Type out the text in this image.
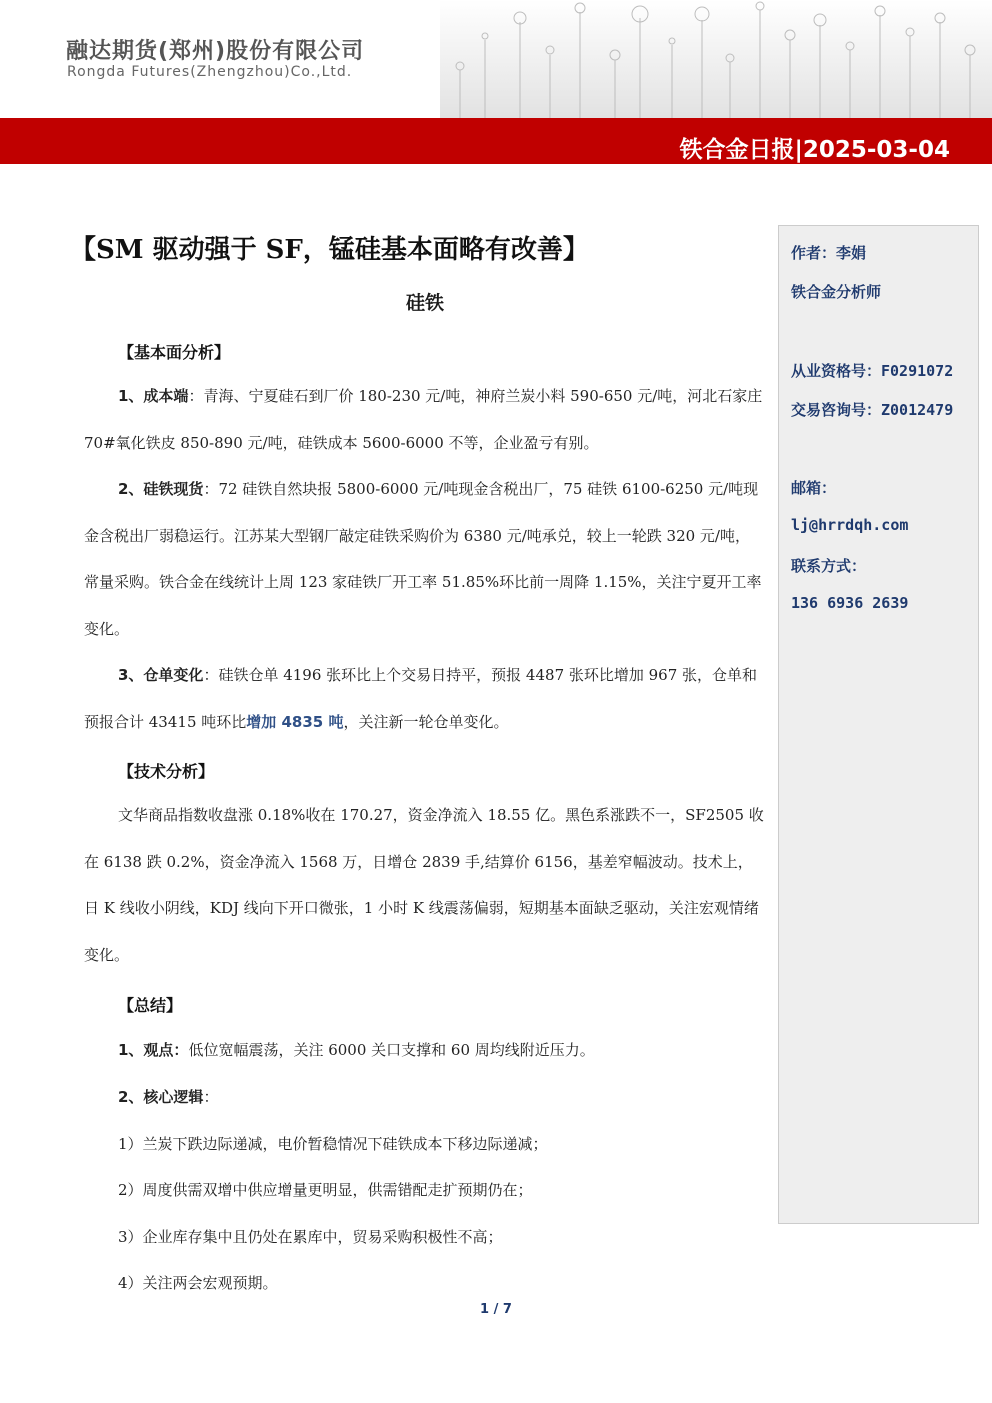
融达期货(郑州)股份有限公司
Rongda Futures(Zhengzhou)Co.,Ltd.
铁合金日报|2025-03-04
作者：李娟
铁合金分析师
从业资格号：F0291072
交易咨询号：Z0012479
邮箱：
lj@hrrdqh.com
联系方式：
136 6936 2639
【SM 驱动强于 SF，锰硅基本面略有改善】
硅铁
【基本面分析】
1、成本端：青海、宁夏硅石到厂价 180-230 元/吨，神府兰炭小料 590-650 元/吨，河北石家庄 70#氧化铁皮 850-890 元/吨，硅铁成本 5600-6000 不等，企业盈亏有别。
2、硅铁现货：72 硅铁自然块报 5800-6000 元/吨现金含税出厂，75 硅铁 6100-6250 元/吨现金含税出厂弱稳运行。江苏某大型钢厂敲定硅铁采购价为 6380 元/吨承兑，较上一轮跌 320 元/吨，常量采购。铁合金在线统计上周 123 家硅铁厂开工率 51.85%环比前一周降 1.15%，关注宁夏开工率变化。
3、仓单变化：硅铁仓单 4196 张环比上个交易日持平，预报 4487 张环比增加 967 张，仓单和预报合计 43415 吨环比增加 4835 吨，关注新一轮仓单变化。
【技术分析】
文华商品指数收盘涨 0.18%收在 170.27，资金净流入 18.55 亿。黑色系涨跌不一，SF2505 收在 6138 跌 0.2%，资金净流入 1568 万，日增仓 2839 手,结算价 6156，基差窄幅波动。技术上，日 K 线收小阴线，KDJ 线向下开口微张，1 小时 K 线震荡偏弱，短期基本面缺乏驱动，关注宏观情绪变化。
【总结】
1、观点：低位宽幅震荡，关注 6000 关口支撑和 60 周均线附近压力。
2、核心逻辑：
1）兰炭下跌边际递减，电价暂稳情况下硅铁成本下移边际递减；
2）周度供需双增中供应增量更明显，供需错配走扩预期仍在；
3）企业库存集中且仍处在累库中，贸易采购积极性不高；
4）关注两会宏观预期。
1 / 7
